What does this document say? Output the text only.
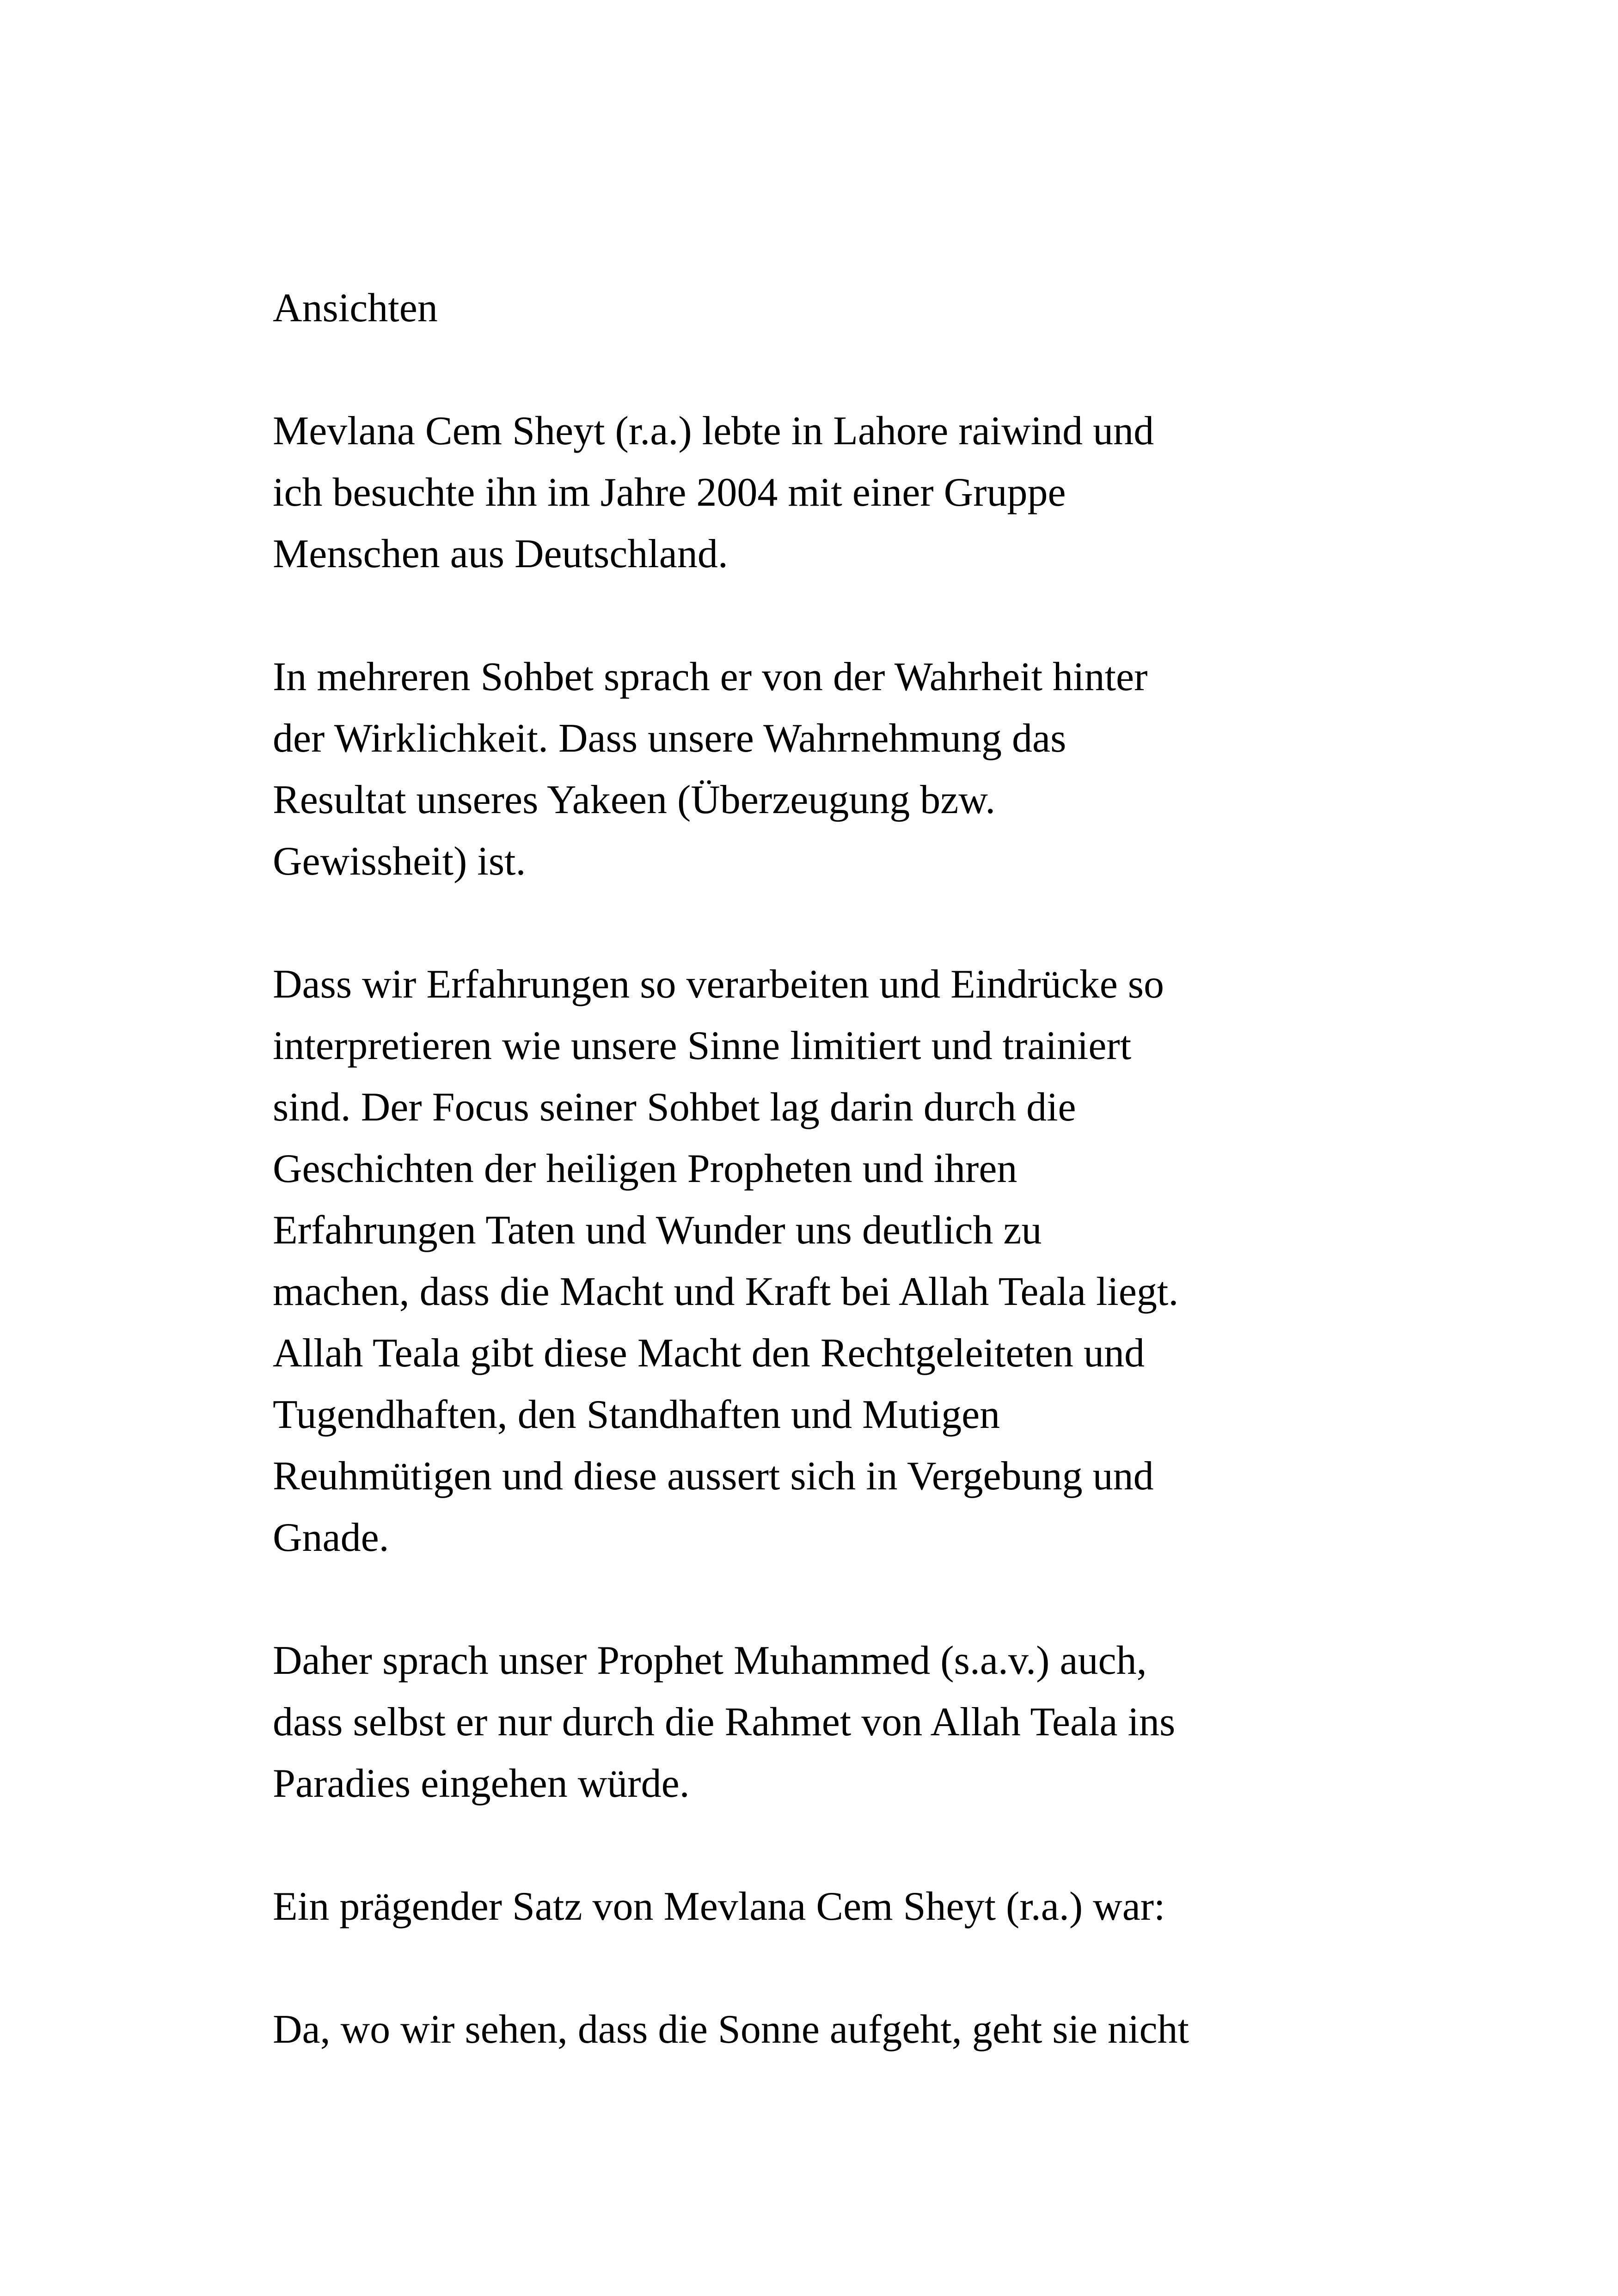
Ansichten
Mevlana Cem Sheyt (r.a.) lebte in Lahore raiwind und
ich besuchte ihn im Jahre 2004 mit einer Gruppe
Menschen aus Deutschland.
In mehreren Sohbet sprach er von der Wahrheit hinter
der Wirklichkeit. Dass unsere Wahrnehmung das
Resultat unseres Yakeen (Überzeugung bzw.
Gewissheit) ist.
Dass wir Erfahrungen so verarbeiten und Eindrücke so
interpretieren wie unsere Sinne limitiert und trainiert
sind. Der Focus seiner Sohbet lag darin durch die
Geschichten der heiligen Propheten und ihren
Erfahrungen Taten und Wunder uns deutlich zu
machen, dass die Macht und Kraft bei Allah Teala liegt.
Allah Teala gibt diese Macht den Rechtgeleiteten und
Tugendhaften, den Standhaften und Mutigen
Reuhmütigen und diese aussert sich in Vergebung und
Gnade.
Daher sprach unser Prophet Muhammed (s.a.v.) auch,
dass selbst er nur durch die Rahmet von Allah Teala ins
Paradies eingehen würde.
Ein prägender Satz von Mevlana Cem Sheyt (r.a.) war:
Da, wo wir sehen, dass die Sonne aufgeht, geht sie nicht
